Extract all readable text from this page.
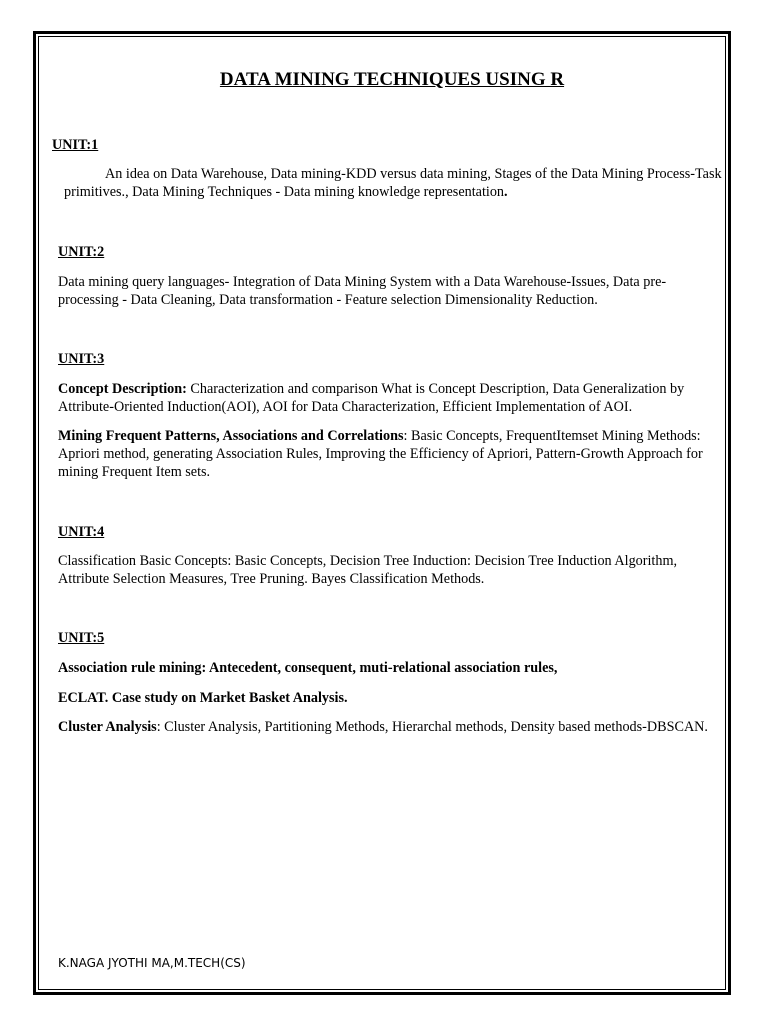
DATA MINING TECHNIQUES USING R
UNIT:1

An idea on Data Warehouse, Data mining-KDD versus data mining, Stages of the Data Mining Process-Task primitives., Data Mining Techniques - Data mining knowledge representation.

UNIT:2

Data mining query languages- Integration of Data Mining System with a Data Warehouse-Issues, Data pre-processing - Data Cleaning, Data transformation - Feature selection Dimensionality Reduction.

UNIT:3

Concept Description: Characterization and comparison What is Concept Description, Data Generalization by Attribute-Oriented Induction(AOI), AOI for Data Characterization, Efficient Implementation of AOI.

Mining Frequent Patterns, Associations and Correlations: Basic Concepts, FrequentItemset Mining Methods: Apriori method, generating Association Rules, Improving the Efficiency of Apriori, Pattern-Growth Approach for mining Frequent Item sets.

UNIT:4

Classification Basic Concepts: Basic Concepts, Decision Tree Induction: Decision Tree Induction Algorithm, Attribute Selection Measures, Tree Pruning. Bayes Classification Methods.

UNIT:5

Association rule mining: Antecedent, consequent, muti-relational association rules,

ECLAT. Case study on Market Basket Analysis.

Cluster Analysis: Cluster Analysis, Partitioning Methods, Hierarchal methods, Density based methods-DBSCAN.

K.NAGA JYOTHI MA,M.TECH(CS)
